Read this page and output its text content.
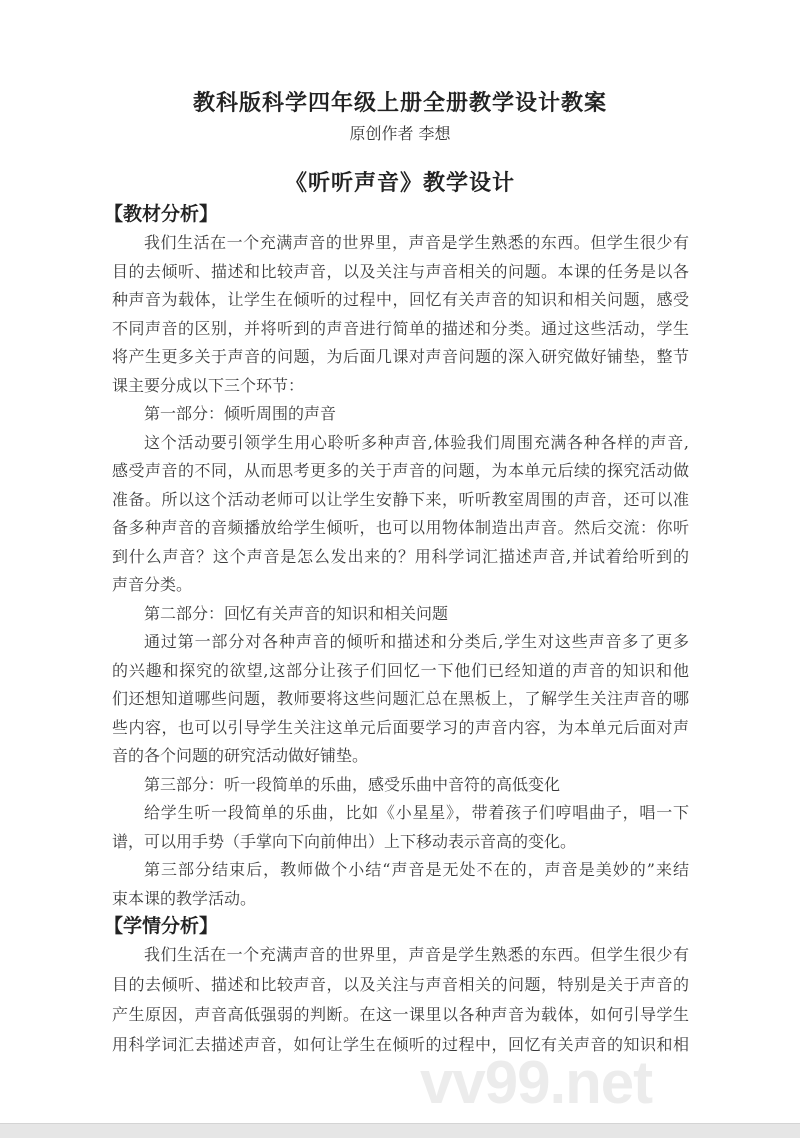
教科版科学四年级上册全册教学设计教案
原创作者 李想
《听听声音》教学设计
【教材分析】
我们生活在一个充满声音的世界里，声音是学生熟悉的东西。但学生很少有
目的去倾听、描述和比较声音，以及关注与声音相关的问题。本课的任务是以各
种声音为载体，让学生在倾听的过程中，回忆有关声音的知识和相关问题，感受
不同声音的区别，并将听到的声音进行简单的描述和分类。通过这些活动，学生
将产生更多关于声音的问题，为后面几课对声音问题的深入研究做好铺垫，整节
课主要分成以下三个环节：
第一部分：倾听周围的声音
这个活动要引领学生用心聆听多种声音,体验我们周围充满各种各样的声音,
感受声音的不同，从而思考更多的关于声音的问题，为本单元后续的探究活动做
准备。所以这个活动老师可以让学生安静下来，听听教室周围的声音，还可以准
备多种声音的音频播放给学生倾听，也可以用物体制造出声音。然后交流：你听
到什么声音？这个声音是怎么发出来的？用科学词汇描述声音,并试着给听到的
声音分类。
第二部分：回忆有关声音的知识和相关问题
通过第一部分对各种声音的倾听和描述和分类后,学生对这些声音多了更多
的兴趣和探究的欲望,这部分让孩子们回忆一下他们已经知道的声音的知识和他
们还想知道哪些问题，教师要将这些问题汇总在黑板上，了解学生关注声音的哪
些内容，也可以引导学生关注这单元后面要学习的声音内容，为本单元后面对声
音的各个问题的研究活动做好铺垫。
第三部分：听一段简单的乐曲，感受乐曲中音符的高低变化
给学生听一段简单的乐曲，比如《小星星》，带着孩子们哼唱曲子，唱一下
谱，可以用手势（手掌向下向前伸出）上下移动表示音高的变化。
第三部分结束后，教师做个小结“声音是无处不在的，声音是美妙的”来结
束本课的教学活动。
【学情分析】
我们生活在一个充满声音的世界里，声音是学生熟悉的东西。但学生很少有
目的去倾听、描述和比较声音，以及关注与声音相关的问题，特别是关于声音的
产生原因，声音高低强弱的判断。在这一课里以各种声音为载体，如何引导学生
用科学词汇去描述声音，如何让学生在倾听的过程中，回忆有关声音的知识和相
vv99.net
